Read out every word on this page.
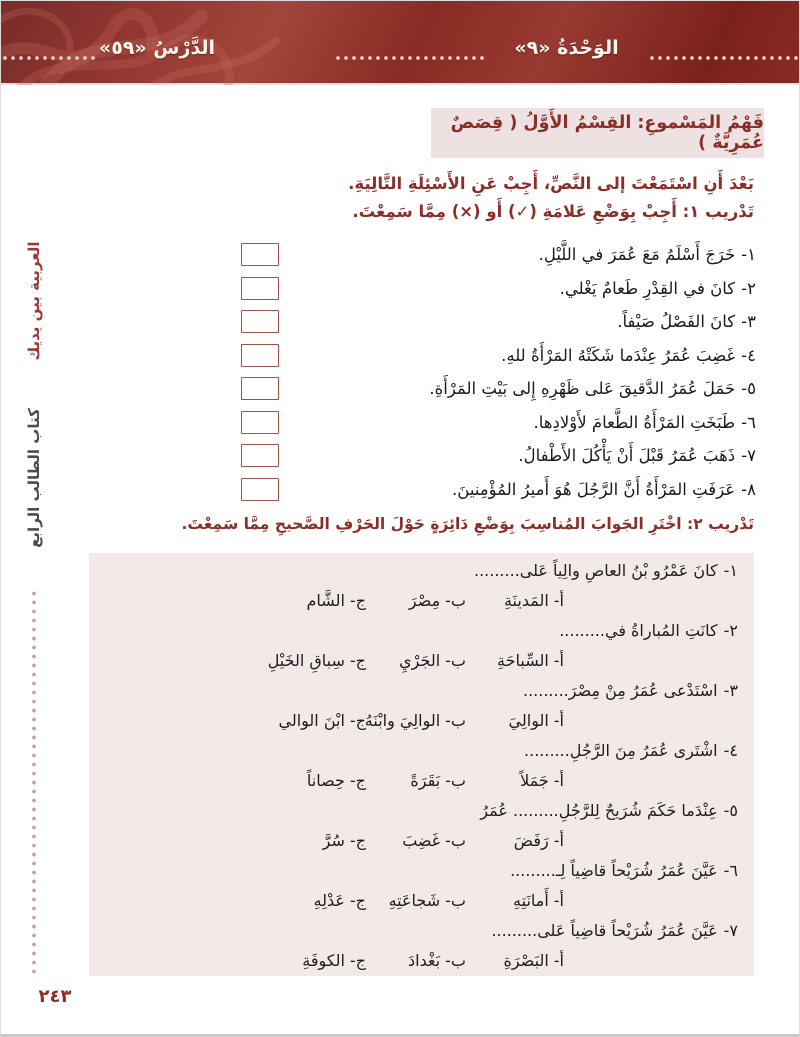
الوَحْدَةُ «٩»
الدَّرْسُ «٥٩»
العربية بين يديك
كتاب الطالب الرابع
٢٤٣
فَهْمُ المَسْموعِ: القِسْمُ الأَوَّلُ ( قِصَصٌ عُمَرِيَّةٌ )

بَعْدَ أَنِ اسْتَمَعْتَ إلى النَّصِّ، أَجِبْ عَنِ الأَسْئِلَةِ التَّالِيَةِ.

تَدْريب ١: أَجِبْ بِوَضْعِ عَلامَةِ (✓) أَو (×) مِمَّا سَمِعْتَ.

١-خَرَجَ أَسْلَمُ مَعَ عُمَرَ في اللَّيْلِ.
٢-كانَ في القِدْرِ طَعامٌ يَغْلي.
٣-كانَ الفَصْلُ صَيْفاً.
٤-غَضِبَ عُمَرُ عِنْدَما شَكَتْهُ المَرْأَةُ للهِ.
٥-حَمَلَ عُمَرُ الدَّقيقَ عَلى ظَهْرِهِ إِلى بَيْتِ المَرْأَةِ.
٦-طَبَخَتِ المَرْأَةُ الطَّعامَ لأَوْلادِها.
٧-ذَهَبَ عُمَرُ قَبْلَ أَنْ يَأْكُلَ الأَطْفالُ.
٨-عَرَفَتِ المَرْأَةُ أَنَّ الرَّجُلَ هُوَ أَميرُ المُؤْمِنينَ.

تَدْريب ٢: اخْتَرِ الجَوابَ المُناسِبَ بِوَضْعِ دَائِرَةٍ حَوْلَ الحَرْفِ الصَّحيحِ مِمَّا سَمِعْتَ.

١-كانَ عَمْرُو بْنُ العاصِ والِياً عَلى.........
أ-المَدينَةِ
ب-مِصْرَ
ج-الشَّام
٢-كانَتِ المُباراةُ في.........
أ-السِّباحَةِ
ب-الجَرْيِ
ج-سِباقِ الخَيْلِ
٣-اسْتَدْعى عُمَرُ مِنْ مِصْرَ.........
أ-الوالِيَ
ب-الوالِيَ وابْنَهُ
ج-ابْنَ الوالي
٤-اشْتَرى عُمَرُ مِنَ الرَّجُلِ.........
أ-جَمَلاً
ب-بَقَرَةً
ج-حِصاناً
٥-عِنْدَما حَكَمَ شُرَيحٌ لِلرَّجُلِ......... عُمَرُ
أ-رَفَضَ
ب-غَضِبَ
ج-سُرَّ
٦-عَيَّنَ عُمَرُ شُرَيْحاً قاضِياً لِـ.........
أ-أَمانَتِهِ
ب-شَجاعَتِهِ
ج-عَدْلِهِ
٧-عَيَّنَ عُمَرُ شُرَيْحاً قاضِياً عَلى.........
أ-البَصْرَةِ
ب-بَغْدادَ
ج-الكوفَةِ
